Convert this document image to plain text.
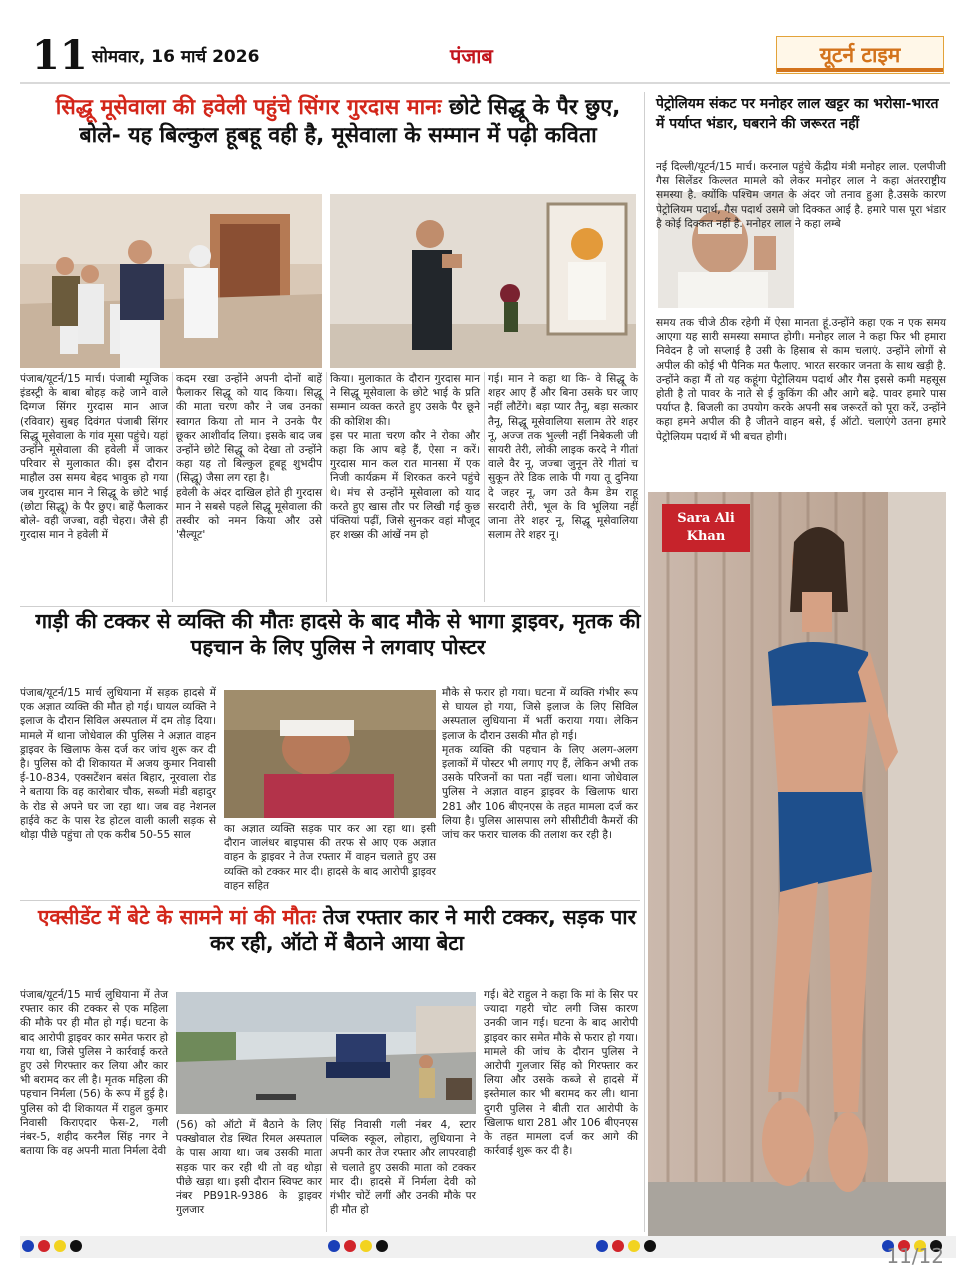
11 सोमवार, 16 मार्च 2026	पंजाब	यूटर्न टाइम
सिद्धू मूसेवाला की हवेली पहुंचे सिंगर गुरदास मानः छोटे सिद्धू के पैर छुए, बोले- यह बिल्कुल हूबहू वही है, मूसेवाला के सम्मान में पढ़ी कविता
पंजाब/यूटर्न/15 मार्च। पंजाबी म्यूजिक इंडस्ट्री के बाबा बोहड़ कहे जाने वाले दिग्गज सिंगर गुरदास मान आज (रविवार) सुबह दिवंगत पंजाबी सिंगर सिद्धू मूसेवाला के गांव मूसा पहुंचे। यहां उन्होंने मूसेवाला की हवेली में जाकर परिवार से मुलाकात की। इस दौरान माहौल उस समय बेहद भावुक हो गया जब गुरदास मान ने सिद्धू के छोटे भाई (छोटा सिद्धू) के पैर छुए। बाहें फैलाकर बोले- वही जज्बा, वही चेहरा। जैसे ही गुरदास मान ने हवेली में
कदम रखा उन्होंने अपनी दोनों बाहें फैलाकर सिद्धू को याद किया। सिद्धू की माता चरण कौर ने जब उनका स्वागत किया तो मान ने उनके पैर छूकर आशीर्वाद लिया। इसके बाद जब उन्होंने छोटे सिद्धू को देखा तो उन्होंने कहा यह तो बिल्कुल हूबहू शुभदीप (सिद्धू) जैसा लग रहा है।
हवेली के अंदर दाखिल होते ही गुरदास मान ने सबसे पहले सिद्धू मूसेवाला की तस्वीर को नमन किया और उसे 'सैल्यूट'
किया। मुलाकात के दौरान गुरदास मान ने सिद्धू मूसेवाला के छोटे भाई के प्रति सम्मान व्यक्त करते हुए उसके पैर छूने की कोशिश की।
इस पर माता चरण कौर ने रोका और कहा कि आप बड़े हैं, ऐसा न करें। गुरदास मान कल रात मानसा में एक निजी कार्यक्रम में शिरकत करने पहुंचे थे। मंच से उन्होंने मूसेवाला को याद करते हुए खास तौर पर लिखी गई कुछ पंक्तियां पढ़ीं, जिसे सुनकर वहां मौजूद हर शख्स की आंखें नम हो
गई। मान ने कहा था कि- वे सिद्धू के शहर आए हैं और बिना उसके घर जाए नहीं लौटेंगे। बड़ा प्यार तैनू, बड़ा सत्कार तैनू, सिद्धू मूसेवालिया सलाम तेरे शहर नू, अज्ज तक भुल्ली नहीं निबेकली जी सायरी तेरी, लोकी लाइक करदे ने गीतां वाले वैर नू, जज्बा जुनून तेरे गीतां च सुकून तेरे डिक लाके पी गया तू दुनिया दे जहर नू, जग उते कैम डेम राहू सरदारी तेरी, भूल के वि भूलिया नहीं जाना तेरे शहर नू, सिद्धू मूसेवालिया सलाम तेरे शहर नू।
गाड़ी की टक्कर से व्यक्ति की मौतः हादसे के बाद मौके से भागा ड्राइवर, मृतक की पहचान के लिए पुलिस ने लगवाए पोस्टर
पंजाब/यूटर्न/15 मार्च लुधियाना में सड़क हादसे में एक अज्ञात व्यक्ति की मौत हो गई। घायल व्यक्ति ने इलाज के दौरान सिविल अस्पताल में दम तोड़ दिया। मामले में थाना जोधेवाल की पुलिस ने अज्ञात वाहन ड्राइवर के खिलाफ केस दर्ज कर जांच शुरू कर दी है। पुलिस को दी शिकायत में अजय कुमार निवासी ई-10-834, एक्सटेंशन बसंत बिहार, नूरवाला रोड ने बताया कि वह कारोबार चौक, सब्जी मंडी बहादुर के रोड से अपने घर जा रहा था। जब वह नेशनल हाईवे कट के पास रेड होटल वाली काली सड़क से थोड़ा पीछे पहुंचा तो एक करीब 50-55 साल	का अज्ञात व्यक्ति सड़क पार कर आ रहा था। इसी दौरान जालंधर बाइपास की तरफ से आए एक अज्ञात वाहन के ड्राइवर ने तेज रफ्तार में वाहन चलाते हुए उस व्यक्ति को टक्कर मार दी। हादसे के बाद आरोपी ड्राइवर वाहन सहित
मौके से फरार हो गया। घटना में व्यक्ति गंभीर रूप से घायल हो गया, जिसे इलाज के लिए सिविल अस्पताल लुधियाना में भर्ती कराया गया। लेकिन इलाज के दौरान उसकी मौत हो गई।
मृतक व्यक्ति की पहचान के लिए अलग-अलग इलाकों में पोस्टर भी लगाए गए हैं, लेकिन अभी तक उसके परिजनों का पता नहीं चला। थाना जोधेवाल पुलिस ने अज्ञात वाहन ड्राइवर के खिलाफ धारा 281 और 106 बीएनएस के तहत मामला दर्ज कर लिया है। पुलिस आसपास लगे सीसीटीवी कैमरों की जांच कर फरार चालक की तलाश कर रही है।
एक्सीडेंट में बेटे के सामने मां की मौतः तेज रफ्तार कार ने मारी टक्कर, सड़क पार कर रही, ऑटो में बैठाने आया बेटा
पंजाब/यूटर्न/15 मार्च लुधियाना में तेज रफ्तार कार की टक्कर से एक महिला की मौके पर ही मौत हो गई। घटना के बाद आरोपी ड्राइवर कार समेत फरार हो गया था, जिसे पुलिस ने कार्रवाई करते हुए उसे गिरफ्तार कर लिया और कार भी बरामद कर ली है। मृतक महिला की पहचान निर्मला (56) के रूप में हुई है। पुलिस को दी शिकायत में राहुल कुमार निवासी किराएदार फेस-2, गली नंबर-5, शहीद करनैल सिंह नगर ने बताया कि वह अपनी माता निर्मला देवी
(56) को ऑटो में बैठाने के लिए पक्खोवाल रोड स्थित रिमल अस्पताल के पास आया था। जब उसकी माता सड़क पार कर रही थी तो वह थोड़ा पीछे खड़ा था। इसी दौरान स्विफ्ट कार नंबर PB91R-9386 के ड्राइवर गुलजार
सिंह निवासी गली नंबर 4, स्टार पब्लिक स्कूल, लोहारा, लुधियाना ने अपनी कार तेज रफ्तार और लापरवाही से चलाते हुए उसकी माता को टक्कर मार दी। हादसे में निर्मला देवी को गंभीर चोटें लगीं और उनकी मौके पर ही मौत हो
गई। बेटे राहुल ने कहा कि मां के सिर पर ज्यादा गहरी चोट लगी जिस कारण उनकी जान गई। घटना के बाद आरोपी ड्राइवर कार समेत मौके से फरार हो गया। मामले की जांच के दौरान पुलिस ने आरोपी गुलजार सिंह को गिरफ्तार कर लिया और उसके कब्जे से हादसे में इस्तेमाल कार भी बरामद कर ली। थाना दुगरी पुलिस ने बीती रात आरोपी के खिलाफ धारा 281 और 106 बीएनएस के तहत मामला दर्ज कर आगे की कार्रवाई शुरू कर दी है।
पेट्रोलियम संकट पर मनोहर लाल खट्टर का भरोसा-भारत में पर्याप्त भंडार, घबराने की जरूरत नहीं
नई दिल्ली/यूटर्न/15 मार्च। करनाल पहुंचे केंद्रीय मंत्री मनोहर लाल. एलपीजी गैस सिलेंडर किल्लत मामले को लेकर मनोहर लाल ने कहा अंतरराष्ट्रीय समस्या है. क्योंकि पश्चिम जगत के अंदर जो तनाव हुआ है.उसके कारण पेट्रोलियम पदार्थ, गैस पदार्थ उसमे जो दिक्कत आई है. हमारे पास पूरा भंडार है कोई दिक्कत नहीं है. मनोहर लाल ने कहा लम्बे
समय तक चीजे ठीक रहेगी में ऐसा मानता हूं.उन्होंने कहा एक न एक समय आएगा यह सारी समस्या समाप्त होगी। मनोहर लाल ने कहा फिर भी हमारा निवेदन है जो सप्लाई है उसी के हिसाब से काम चलाएं. उन्होंने लोगों से अपील की कोई भी पैनिक मत फैलाए. भारत सरकार जनता के साथ खड़ी है. उन्होंने कहा मैं तो यह कहूंगा पेट्रोलियम पदार्थ और गैस इससे कमी महसूस होती है तो पावर के नाते से ई कुकिंग की और आगे बढ़े. पावर हमारे पास पर्याप्त है. बिजली का उपयोग करके अपनी सब जरूरतें को पूरा करें, उन्होंने कहा हमने अपील की है जीतने वाहन बसे, ई ऑटो. चलाएंगे उतना हमारे पेट्रोलियम पदार्थ में भी बचत होगी।
Sara Ali Khan
11/12
